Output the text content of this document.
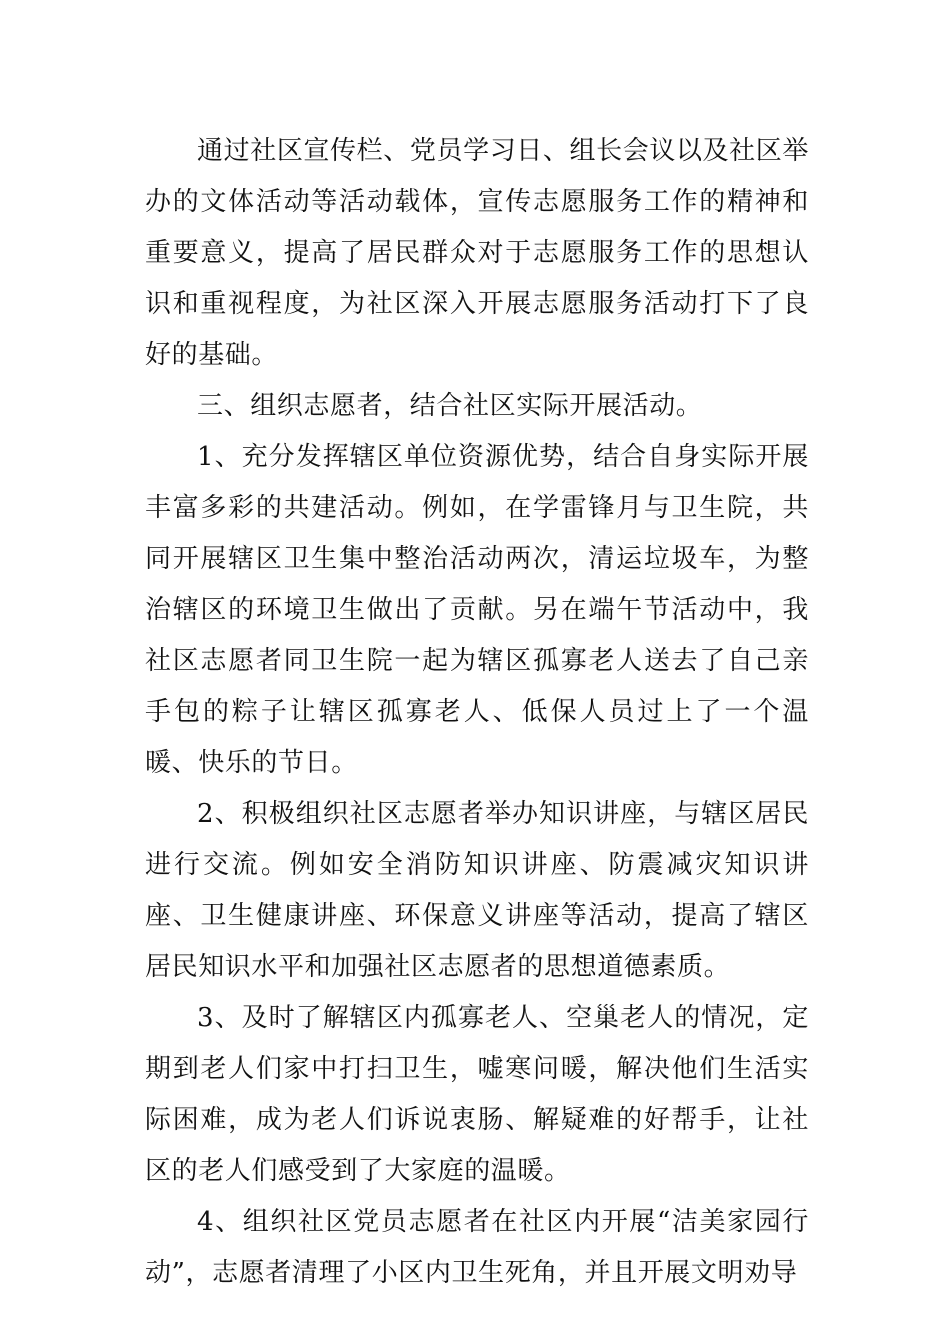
通过社区宣传栏、党员学习日、组长会议以及社区举办的文体活动等活动载体，宣传志愿服务工作的精神和重要意义，提高了居民群众对于志愿服务工作的思想认识和重视程度，为社区深入开展志愿服务活动打下了良好的基础。

三、组织志愿者，结合社区实际开展活动。

1、充分发挥辖区单位资源优势，结合自身实际开展丰富多彩的共建活动。例如，在学雷锋月与卫生院，共同开展辖区卫生集中整治活动两次，清运垃圾车，为整治辖区的环境卫生做出了贡献。另在端午节活动中，我社区志愿者同卫生院一起为辖区孤寡老人送去了自己亲手包的粽子让辖区孤寡老人、低保人员过上了一个温暖、快乐的节日。

2、积极组织社区志愿者举办知识讲座，与辖区居民进行交流。例如安全消防知识讲座、防震减灾知识讲座、卫生健康讲座、环保意义讲座等活动，提高了辖区居民知识水平和加强社区志愿者的思想道德素质。

3、及时了解辖区内孤寡老人、空巢老人的情况，定期到老人们家中打扫卫生，嘘寒问暖，解决他们生活实际困难，成为老人们诉说衷肠、解疑难的好帮手，让社区的老人们感受到了大家庭的温暖。

4、组织社区党员志愿者在社区内开展“洁美家园行动”，志愿者清理了小区内卫生死角，并且开展文明劝导
